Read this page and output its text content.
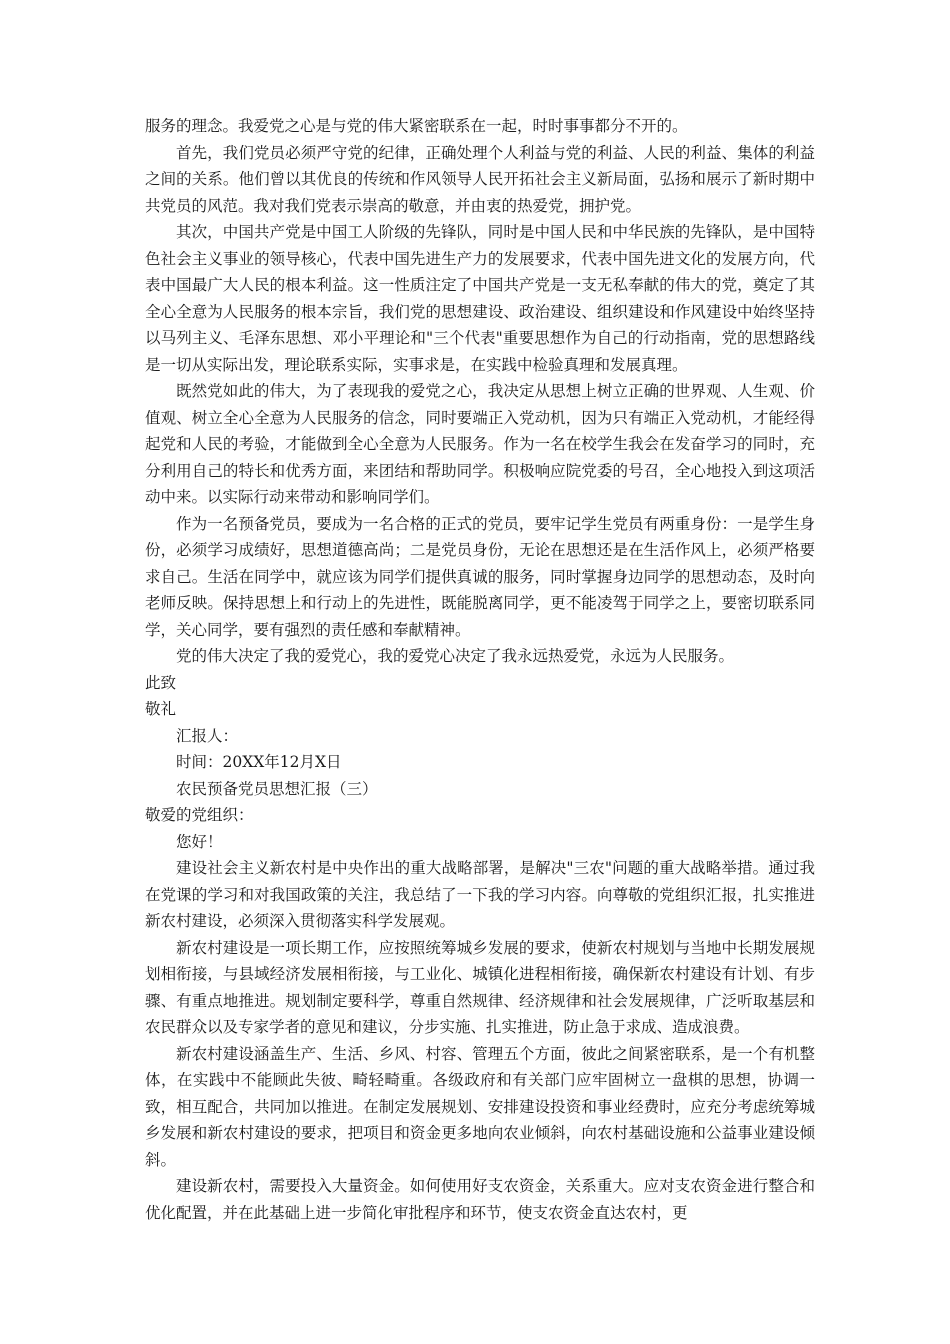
服务的理念。我爱党之心是与党的伟大紧密联系在一起，时时事事都分不开的。

首先，我们党员必须严守党的纪律，正确处理个人利益与党的利益、人民的利益、集体的利益之间的关系。他们曾以其优良的传统和作风领导人民开拓社会主义新局面，弘扬和展示了新时期中共党员的风范。我对我们党表示崇高的敬意，并由衷的热爱党，拥护党。

其次，中国共产党是中国工人阶级的先锋队，同时是中国人民和中华民族的先锋队，是中国特色社会主义事业的领导核心，代表中国先进生产力的发展要求，代表中国先进文化的发展方向，代表中国最广大人民的根本利益。这一性质注定了中国共产党是一支无私奉献的伟大的党，奠定了其全心全意为人民服务的根本宗旨，我们党的思想建设、政治建设、组织建设和作风建设中始终坚持以马列主义、毛泽东思想、邓小平理论和"三个代表"重要思想作为自己的行动指南，党的思想路线是一切从实际出发，理论联系实际，实事求是，在实践中检验真理和发展真理。

既然党如此的伟大，为了表现我的爱党之心，我决定从思想上树立正确的世界观、人生观、价值观、树立全心全意为人民服务的信念，同时要端正入党动机，因为只有端正入党动机，才能经得起党和人民的考验，才能做到全心全意为人民服务。作为一名在校学生我会在发奋学习的同时，充分利用自己的特长和优秀方面，来团结和帮助同学。积极响应院党委的号召，全心地投入到这项活动中来。以实际行动来带动和影响同学们。

作为一名预备党员，要成为一名合格的正式的党员，要牢记学生党员有两重身份：一是学生身份，必须学习成绩好，思想道德高尚；二是党员身份，无论在思想还是在生活作风上，必须严格要求自己。生活在同学中，就应该为同学们提供真诚的服务，同时掌握身边同学的思想动态，及时向老师反映。保持思想上和行动上的先进性，既能脱离同学，更不能凌驾于同学之上，要密切联系同学，关心同学，要有强烈的责任感和奉献精神。

党的伟大决定了我的爱党心，我的爱党心决定了我永远热爱党，永远为人民服务。

此致

敬礼

汇报人：

时间：20XX年12月X日

农民预备党员思想汇报（三）

敬爱的党组织：

您好！

建设社会主义新农村是中央作出的重大战略部署，是解决"三农"问题的重大战略举措。通过我在党课的学习和对我国政策的关注，我总结了一下我的学习内容。向尊敬的党组织汇报，扎实推进新农村建设，必须深入贯彻落实科学发展观。

新农村建设是一项长期工作，应按照统筹城乡发展的要求，使新农村规划与当地中长期发展规划相衔接，与县域经济发展相衔接，与工业化、城镇化进程相衔接，确保新农村建设有计划、有步骤、有重点地推进。规划制定要科学，尊重自然规律、经济规律和社会发展规律，广泛听取基层和农民群众以及专家学者的意见和建议，分步实施、扎实推进，防止急于求成、造成浪费。

新农村建设涵盖生产、生活、乡风、村容、管理五个方面，彼此之间紧密联系，是一个有机整体，在实践中不能顾此失彼、畸轻畸重。各级政府和有关部门应牢固树立一盘棋的思想，协调一致，相互配合，共同加以推进。在制定发展规划、安排建设投资和事业经费时，应充分考虑统筹城乡发展和新农村建设的要求，把项目和资金更多地向农业倾斜，向农村基础设施和公益事业建设倾斜。

建设新农村，需要投入大量资金。如何使用好支农资金，关系重大。应对支农资金进行整合和优化配置，并在此基础上进一步简化审批程序和环节，使支农资金直达农村，更
